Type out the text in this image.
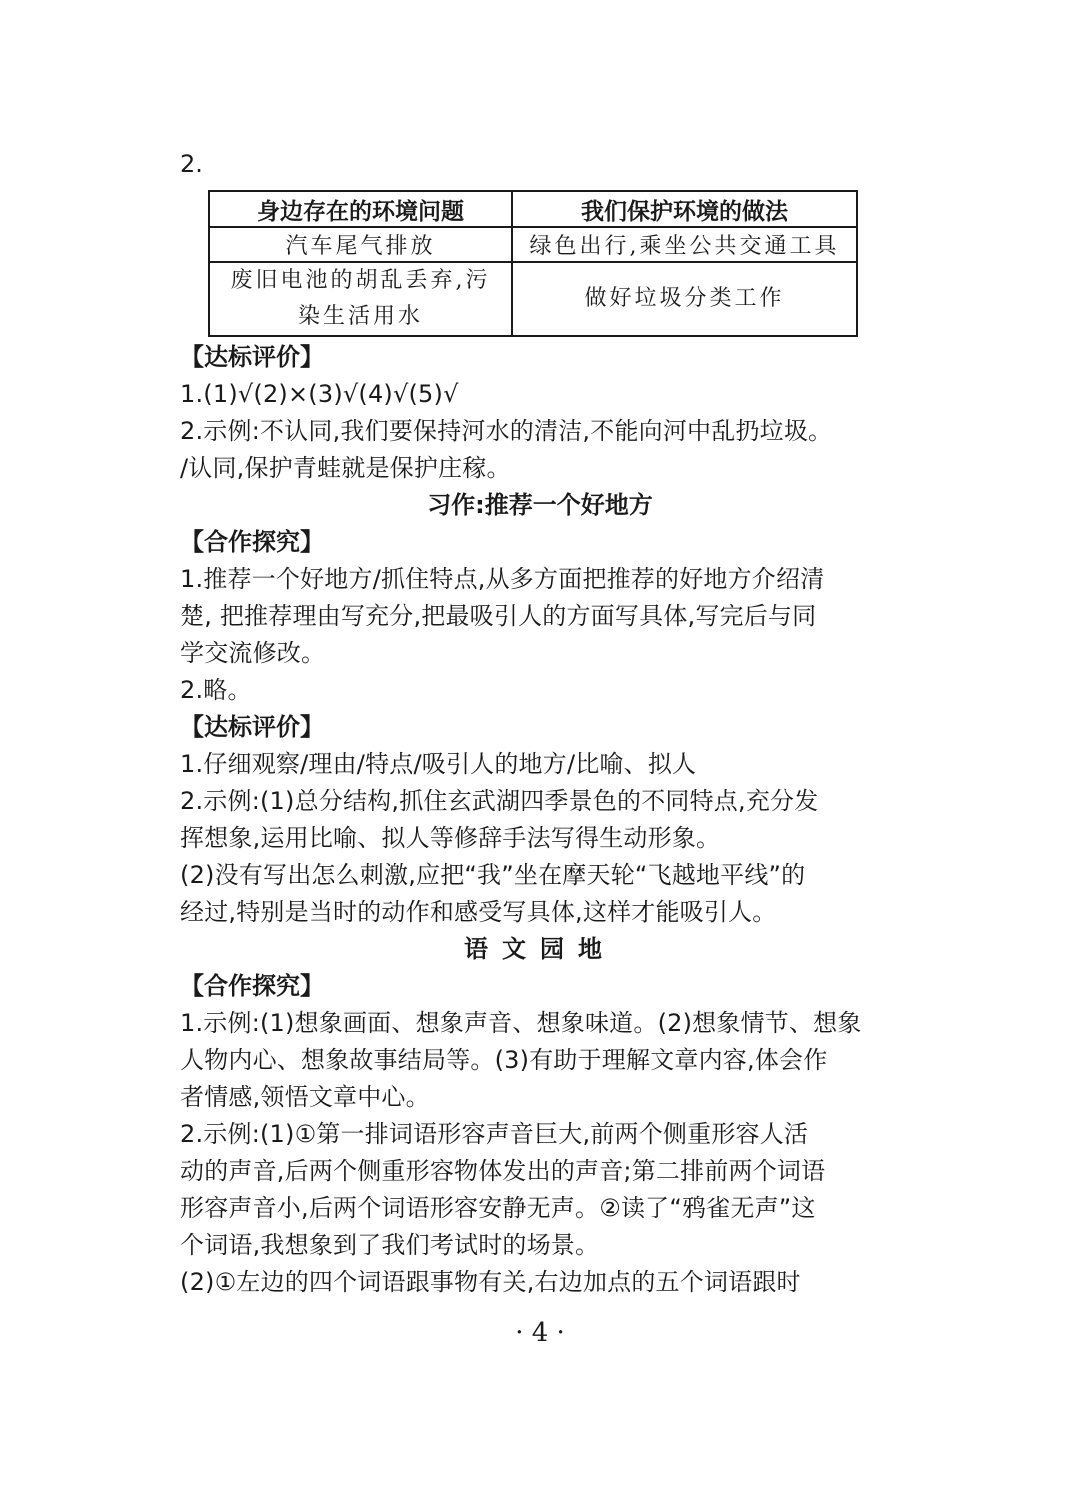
2.
身边存在的环境问题	我们保护环境的做法
汽车尾气排放	绿色出行,乘坐公共交通工具

废旧电池的胡乱丢弃,污
染生活用水	做好垃圾分类工作
【达标评价】
1.(1)√(2)×(3)√(4)√(5)√
2.示例:不认同,我们要保持河水的清洁,不能向河中乱扔垃圾。
/认同,保护青蛙就是保护庄稼。
习作:推荐一个好地方
【合作探究】
1.推荐一个好地方/抓住特点,从多方面把推荐的好地方介绍清
楚, 把推荐理由写充分,把最吸引人的方面写具体,写完后与同
学交流修改。
2.略。
【达标评价】
1.仔细观察/理由/特点/吸引人的地方/比喻、拟人
2.示例:(1)总分结构,抓住玄武湖四季景色的不同特点,充分发
挥想象,运用比喻、拟人等修辞手法写得生动形象。
(2)没有写出怎么刺激,应把“我”坐在摩天轮“飞越地平线”的
经过,特别是当时的动作和感受写具体,这样才能吸引人。
语文园地
【合作探究】
1.示例:(1)想象画面、想象声音、想象味道。(2)想象情节、想象
人物内心、想象故事结局等。(3)有助于理解文章内容,体会作
者情感,领悟文章中心。
2.示例:(1)①第一排词语形容声音巨大,前两个侧重形容人活
动的声音,后两个侧重形容物体发出的声音;第二排前两个词语
形容声音小,后两个词语形容安静无声。②读了“鸦雀无声”这
个词语,我想象到了我们考试时的场景。
(2)①左边的四个词语跟事物有关,右边加点的五个词语跟时
· 4 ·
